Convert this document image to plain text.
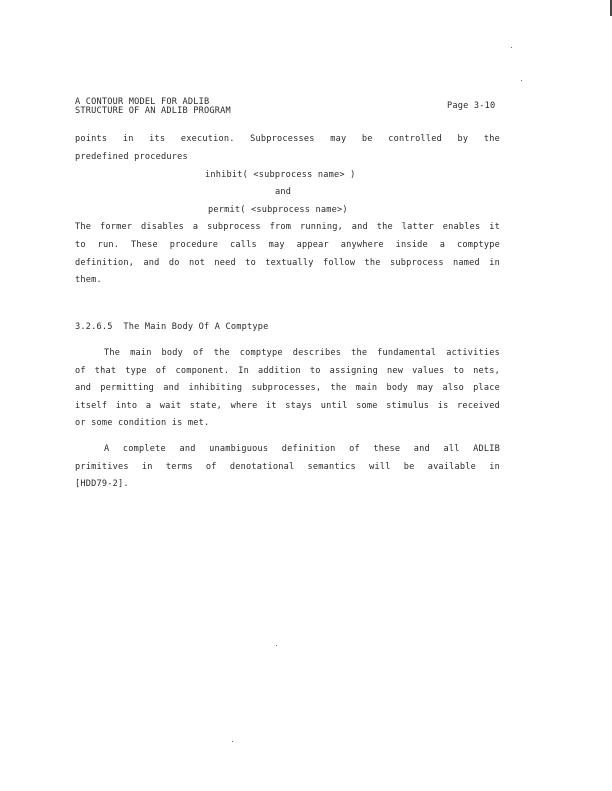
A CONTOUR MODEL FOR ADLIB
STRUCTURE OF AN ADLIB PROGRAM	Page 3-10
points in its execution. Subprocesses may be controlled by the
predefined procedures
inhibit( <subprocess name> )
and
permit( <subprocess name>)
The former disables a subprocess from running, and the latter enables it
to run. These procedure calls may appear anywhere inside a comptype
definition, and do not need to textually follow the subprocess named in
them.
3.2.6.5  The Main Body Of A Comptype
The main body of the comptype describes the fundamental activities
of that type of component. In addition to assigning new values to nets,
and permitting and inhibiting subprocesses, the main body may also place
itself into a wait state, where it stays until some stimulus is received
or some condition is met.
A complete and unambiguous definition of these and all ADLIB
primitives in terms of denotational semantics will be available in
[HDD79-2].
